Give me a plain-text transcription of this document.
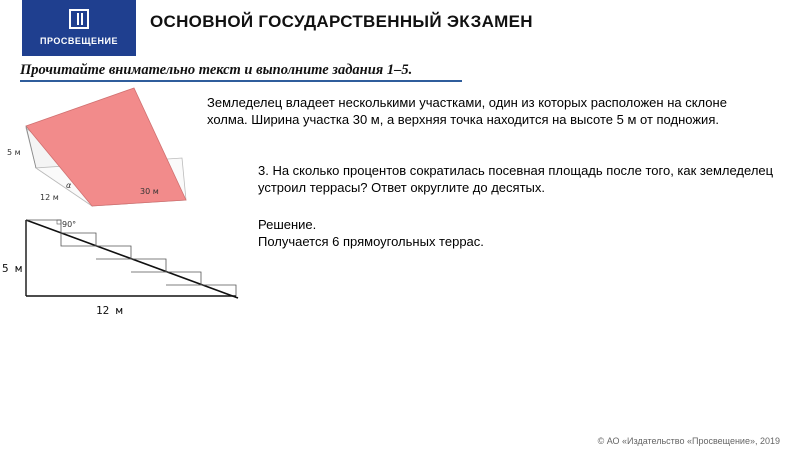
ПРОСВЕЩЕНИЕ
ОСНОВНОЙ ГОСУДАРСТВЕННЫЙ ЭКЗАМЕН
Прочитайте внимательно текст и выполните задания 1–5.
5 м
12 м
30 м
α
90°
5 м
12 м
Земледелец владеет несколькими участками, один из которых расположен на склоне холма. Ширина участка 30 м, а верхняя точка находится на высоте 5 м от подножия.
3. На сколько процентов сократилась посевная площадь после того, как земледелец устроил террасы? Ответ округлите до десятых.
Решение.
Получается 6 прямоугольных террас.
© АО «Издательство «Просвещение», 2019
